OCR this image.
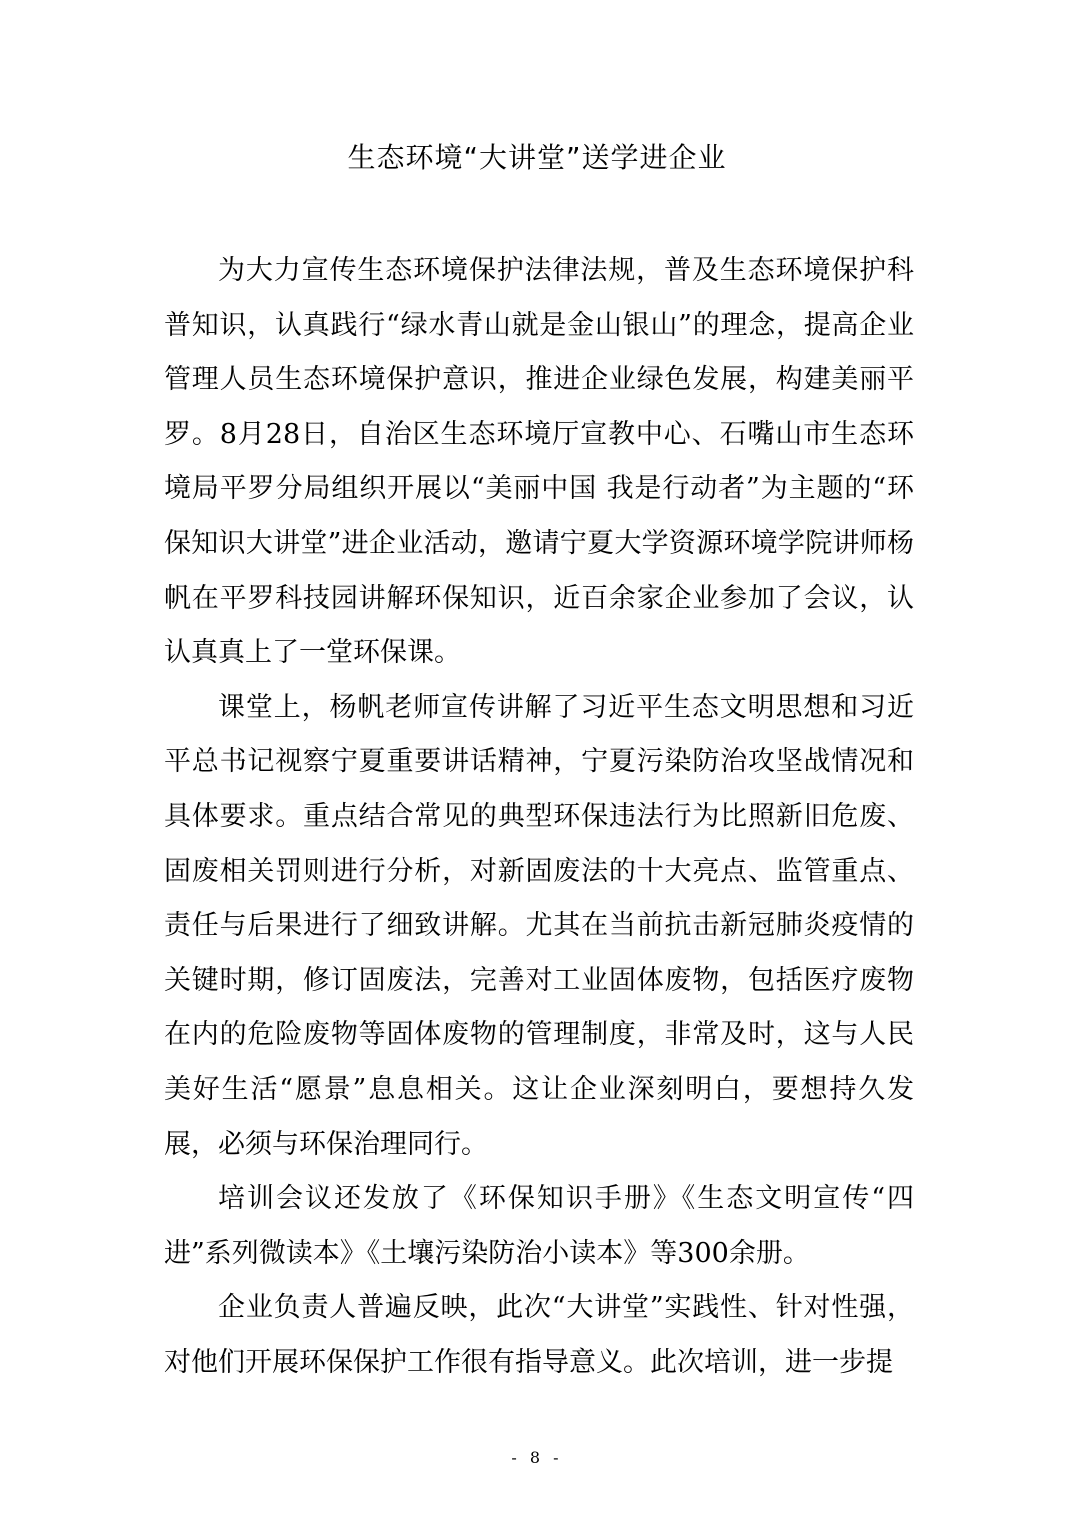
生态环境“大讲堂”送学进企业

为大力宣传生态环境保护法律法规，普及生态环境保护科普知识，认真践行“绿水青山就是金山银山”的理念，提高企业管理人员生态环境保护意识，推进企业绿色发展，构建美丽平罗。8月28日，自治区生态环境厅宣教中心、石嘴山市生态环境局平罗分局组织开展以“美丽中国 我是行动者”为主题的“环保知识大讲堂”进企业活动，邀请宁夏大学资源环境学院讲师杨帆在平罗科技园讲解环保知识，近百余家企业参加了会议，认认真真上了一堂环保课。

课堂上，杨帆老师宣传讲解了习近平生态文明思想和习近平总书记视察宁夏重要讲话精神，宁夏污染防治攻坚战情况和具体要求。重点结合常见的典型环保违法行为比照新旧危废、固废相关罚则进行分析，对新固废法的十大亮点、监管重点、责任与后果进行了细致讲解。尤其在当前抗击新冠肺炎疫情的关键时期，修订固废法，完善对工业固体废物，包括医疗废物在内的危险废物等固体废物的管理制度，非常及时，这与人民美好生活“愿景”息息相关。这让企业深刻明白，要想持久发展，必须与环保治理同行。

培训会议还发放了《环保知识手册》《生态文明宣传“四进”系列微读本》《土壤污染防治小读本》等300余册。

企业负责人普遍反映，此次“大讲堂”实践性、针对性强，对他们开展环保保护工作很有指导意义。此次培训，进一步提

- 8 -
